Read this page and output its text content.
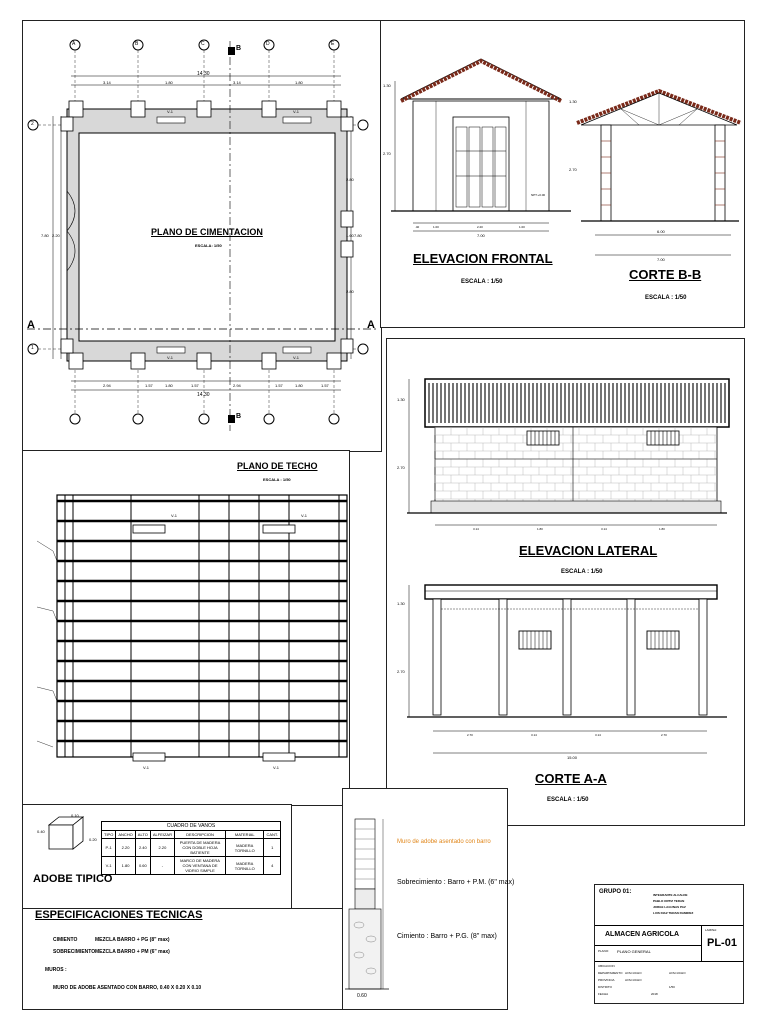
A	B	C	D	E
2
1
14.30
14.30
3.14	1.80	3.14	1.80
2.94	1.57	1.80	1.57	2.94	1.57	1.80	1.57
7.80 2.20
2.80
1.60 7.80
2.80
V-1	V-1
V-1	V-1
A	A
B
B
PLANO DE CIMENTACION
ESCALA: 1/50
1.30
2.70
NPT:+0.00
.40	1.00	2.20	1.00
7.00
ELEVACION FRONTAL
ESCALA : 1/50
1.30
2.70
6.00
7.00
CORTE B-B
ESCALA : 1/50
PLANO DE TECHO
ESCALA : 1/50
V-1	V-1
V-1	V-1
1.30
2.70
3.14	1.80	3.14	1.80
ELEVACION LATERAL
ESCALA : 1/50
1.30
2.70
2.70	3.14	3.14	2.70
15.00
CORTE A-A
ESCALA : 1/50
0.40
0.20
0.10
ADOBE TIPICO
CUADRO DE VANOS						
TIPO	ANCHO	ALTO	ALFEIZAR	DESCRIPCION	MATERIAL	CANT.
P-1	2.20	2.40	2.20	PUERTA DE MADERA CON DOBLE HOJA BATIENTE	MADERA TORNILLO	1
V-1	1.80	0.60	-	MARCO DE MADERA CON VENTANA DE VIDRIO SIMPLE	MADERA TORNILLO	4
ESPECIFICACIONES TECNICAS
CIMIENTO	MEZCLA BARRO + PG (8" max)
SOBRECIMIENTO MEZCLA BARRO + PM (6" max)
MUROS :
MURO DE ADOBE ASENTADO CON BARRO, 0.40 X 0.20 X 0.10
Muro de adobe asentado con barro
Sobrecimiento : Barro + P.M. (6" max)
Cimiento : Barro + P.G. (8" max)
0.60
GRUPO 01:	INTEGRANTE ALCALDE
PABLO ORTIZ TERAN
JORGE LAGUNAS PAZ
LUIS DIAZ TERAN RAMIREZ
ALMACEN AGRICOLA
LAMINA:
PL-01
PLANO: PLANO GENERAL
UBICACION
DEPARTAMENTO
PROVINCIA
DISTRITO
FECHA
AYACUCHO
AYACUCHO
AYACUCHO
2018
1/50
